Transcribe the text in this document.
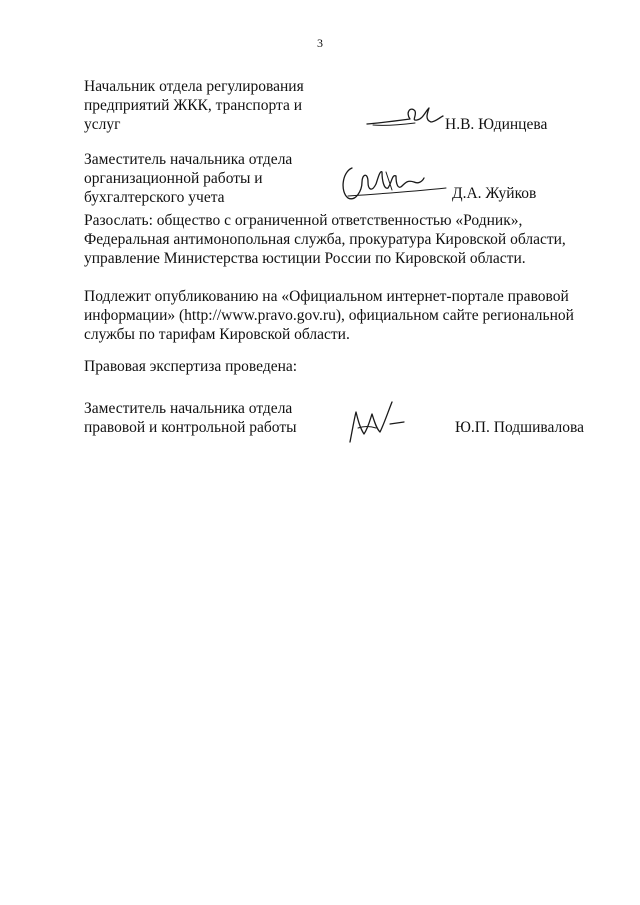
3
Начальник отдела регулирования
предприятий ЖКК, транспорта и
услуг	Н.В. Юдинцева
Заместитель начальника отдела
организационной работы и
бухгалтерского учета	Д.А. Жуйков
Разослать: общество с ограниченной ответственностью «Родник»,
Федеральная антимонопольная служба, прокуратура Кировской области,
управление Министерства юстиции России по Кировской области.
Подлежит опубликованию на «Официальном интернет-портале правовой
информации» (http://www.pravo.gov.ru), официальном сайте региональной
службы по тарифам Кировской области.
Правовая экспертиза проведена:
Заместитель начальника отдела
правовой и контрольной работы	Ю.П. Подшивалова
